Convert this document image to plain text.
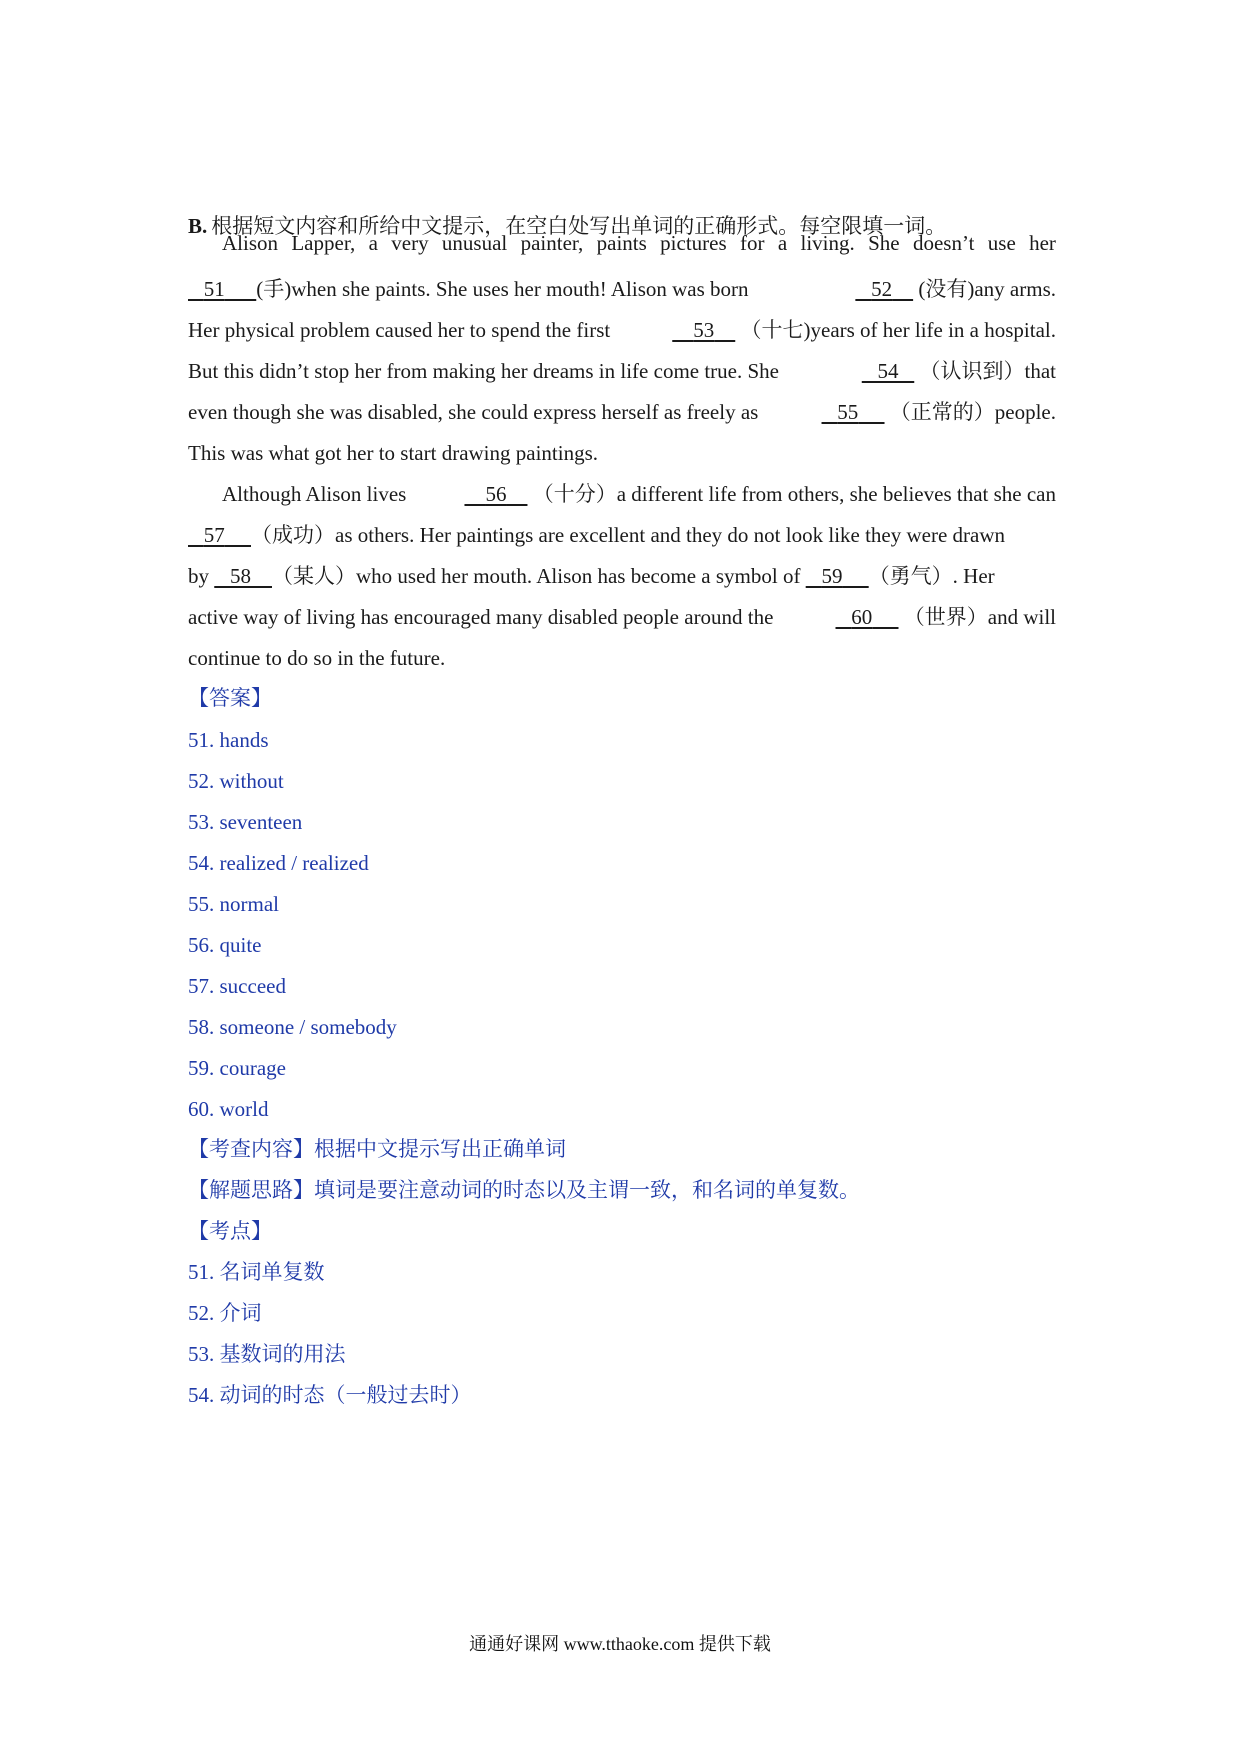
B. 根据短文内容和所给中文提示，在空白处写出单词的正确形式。每空限填一词。
Alison Lapper, a very unusual painter, paints pictures for a living. She doesn’t use her
51 (手)when she paints. She uses her mouth! Alison was born	52 (没有)any arms.
Her physical problem caused her to spend the first	53 （十七)years of her life in a hospital.
But this didn’t stop her from making her dreams in life come true. She	54 （认识到）that
even though she was disabled, she could express herself as freely as	55 （正常的）people.
This was what got her to start drawing paintings.
Although Alison lives	56 （十分）a different life from others, she believes that she can
57 （成功）as others. Her paintings are excellent and they do not look like they were drawn
by 58 （某人）who used her mouth. Alison has become a symbol of 59 （勇气）. Her
active way of living has encouraged many disabled people around the	60 （世界）and will
continue to do so in the future.
【答案】
51. hands
52. without
53. seventeen
54. realized / realized
55. normal
56. quite
57. succeed
58. someone / somebody
59. courage
60. world
【考查内容】根据中文提示写出正确单词
【解题思路】填词是要注意动词的时态以及主谓一致，和名词的单复数。
【考点】
51. 名词单复数
52. 介词
53. 基数词的用法
54. 动词的时态（一般过去时）
通通好课网 www.tthaoke.com 提供下载
